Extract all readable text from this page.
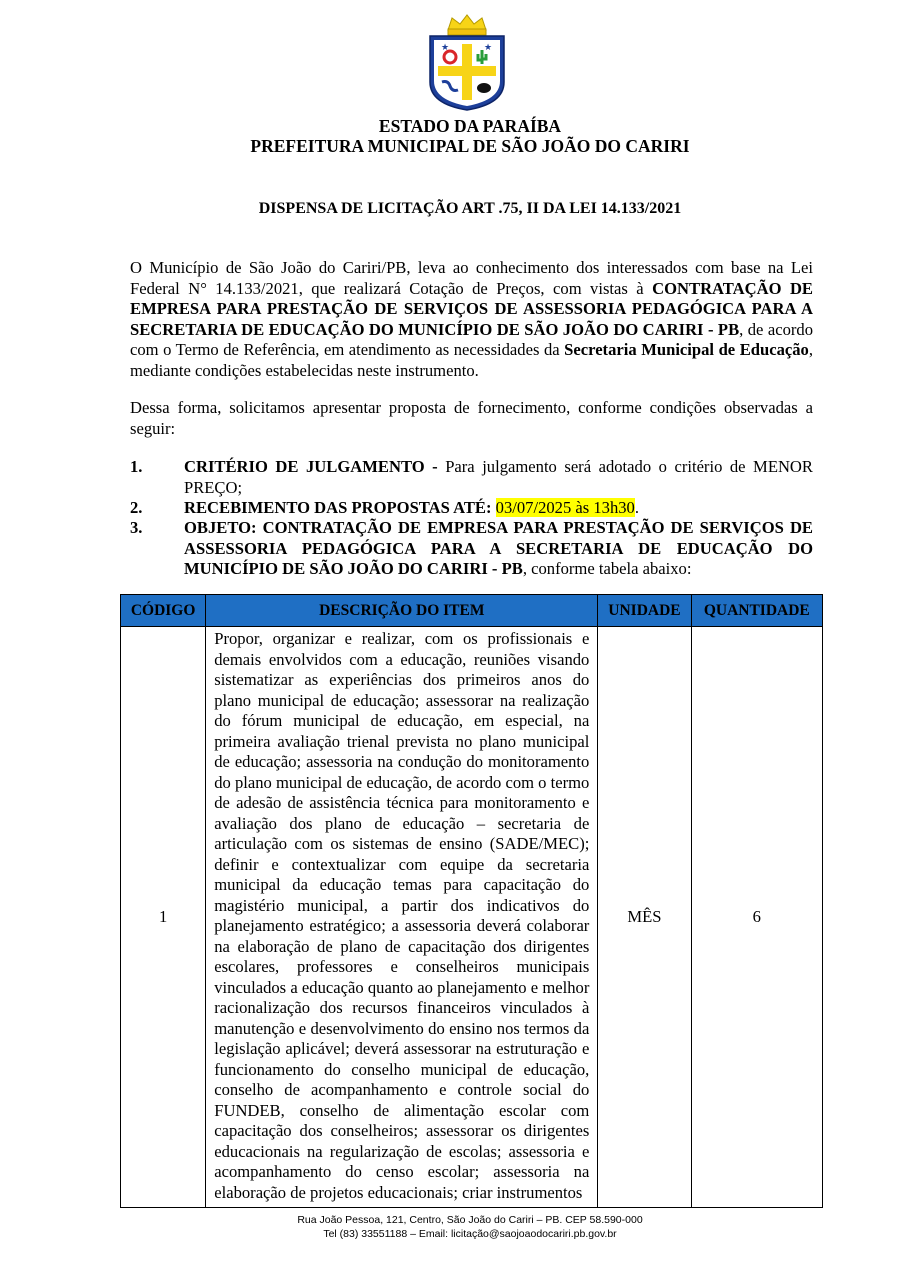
★	★
ESTADO DA PARAÍBA
PREFEITURA MUNICIPAL DE SÃO JOÃO DO CARIRI
DISPENSA DE LICITAÇÃO ART .75, II DA LEI 14.133/2021
O Município de São João do Cariri/PB, leva ao conhecimento dos interessados com base na Lei Federal N° 14.133/2021, que realizará Cotação de Preços, com vistas à CONTRATAÇÃO DE EMPRESA PARA PRESTAÇÃO DE SERVIÇOS DE ASSESSORIA PEDAGÓGICA PARA A SECRETARIA DE EDUCAÇÃO DO MUNICÍPIO DE SÃO JOÃO DO CARIRI - PB, de acordo com o Termo de Referência, em atendimento as necessidades da Secretaria Municipal de Educação, mediante condições estabelecidas neste instrumento.
Dessa forma, solicitamos apresentar proposta de fornecimento, conforme condições observadas a seguir:
1.	CRITÉRIO DE JULGAMENTO - Para julgamento será adotado o critério de MENOR PREÇO;
2.	RECEBIMENTO DAS PROPOSTAS ATÉ: 03/07/2025 às 13h30.
3.	OBJETO: CONTRATAÇÃO DE EMPRESA PARA PRESTAÇÃO DE SERVIÇOS DE ASSESSORIA PEDAGÓGICA PARA A SECRETARIA DE EDUCAÇÃO DO MUNICÍPIO DE SÃO JOÃO DO CARIRI - PB, conforme tabela abaixo:
CÓDIGO	DESCRIÇÃO DO ITEM	UNIDADE	QUANTIDADE
1	Propor, organizar e realizar, com os profissionais e demais envolvidos com a educação, reuniões visando sistematizar as experiências dos primeiros anos do plano municipal de educação; assessorar na realização do fórum municipal de educação, em especial, na primeira avaliação trienal prevista no plano municipal de educação; assessoria na condução do monitoramento do plano municipal de educação, de acordo com o termo de adesão de assistência técnica para monitoramento e avaliação dos plano de educação – secretaria de articulação com os sistemas de ensino (SADE/MEC); definir e contextualizar com equipe da secretaria municipal da educação temas para capacitação do magistério municipal, a partir dos indicativos do planejamento estratégico; a assessoria deverá colaborar na elaboração de plano de capacitação dos dirigentes escolares, professores e conselheiros municipais vinculados a educação quanto ao planejamento e melhor racionalização dos recursos financeiros vinculados à manutenção e desenvolvimento do ensino nos termos da legislação aplicável; deverá assessorar na estruturação e funcionamento do conselho municipal de educação, conselho de acompanhamento e controle social do FUNDEB, conselho de alimentação escolar com capacitação dos conselheiros; assessorar os dirigentes educacionais na regularização de escolas; assessoria e acompanhamento do censo escolar; assessoria na elaboração de projetos educacionais; criar instrumentos	MÊS	6
Rua João Pessoa, 121, Centro, São João do Cariri – PB. CEP 58.590-000
Tel (83) 33551188 – Email: licitação@saojoaodocariri.pb.gov.br
